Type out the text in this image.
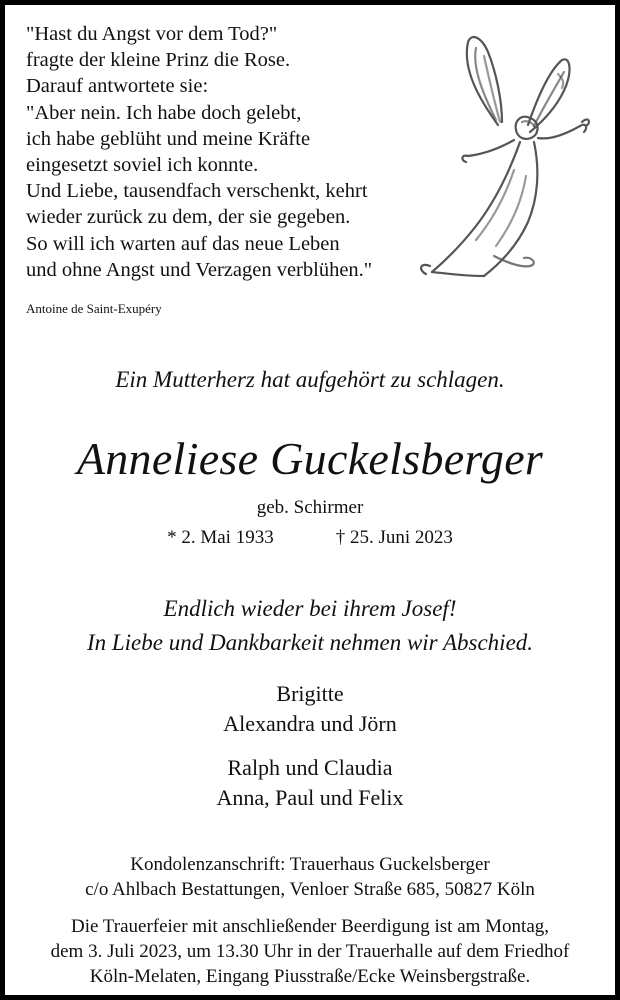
"Hast du Angst vor dem Tod?"
fragte der kleine Prinz die Rose.
Darauf antwortete sie:
"Aber nein. Ich habe doch gelebt,
ich habe geblüht und meine Kräfte
eingesetzt soviel ich konnte.
Und Liebe, tausendfach verschenkt, kehrt
wieder zurück zu dem, der sie gegeben.
So will ich warten auf das neue Leben
und ohne Angst und Verzagen verblühen."
Antoine de Saint-Exupéry
Ein Mutterherz hat aufgehört zu schlagen.
Anneliese Guckelsberger
geb. Schirmer
* 2. Mai 1933	† 25. Juni 2023
Endlich wieder bei ihrem Josef!
In Liebe und Dankbarkeit nehmen wir Abschied.
Brigitte
Alexandra und Jörn
Ralph und Claudia
Anna, Paul und Felix
Kondolenzanschrift: Trauerhaus Guckelsberger
c/o Ahlbach Bestattungen, Venloer Straße 685, 50827 Köln
Die Trauerfeier mit anschließender Beerdigung ist am Montag,
dem 3. Juli 2023, um 13.30 Uhr in der Trauerhalle auf dem Friedhof
Köln-Melaten, Eingang Piusstraße/Ecke Weinsbergstraße.
